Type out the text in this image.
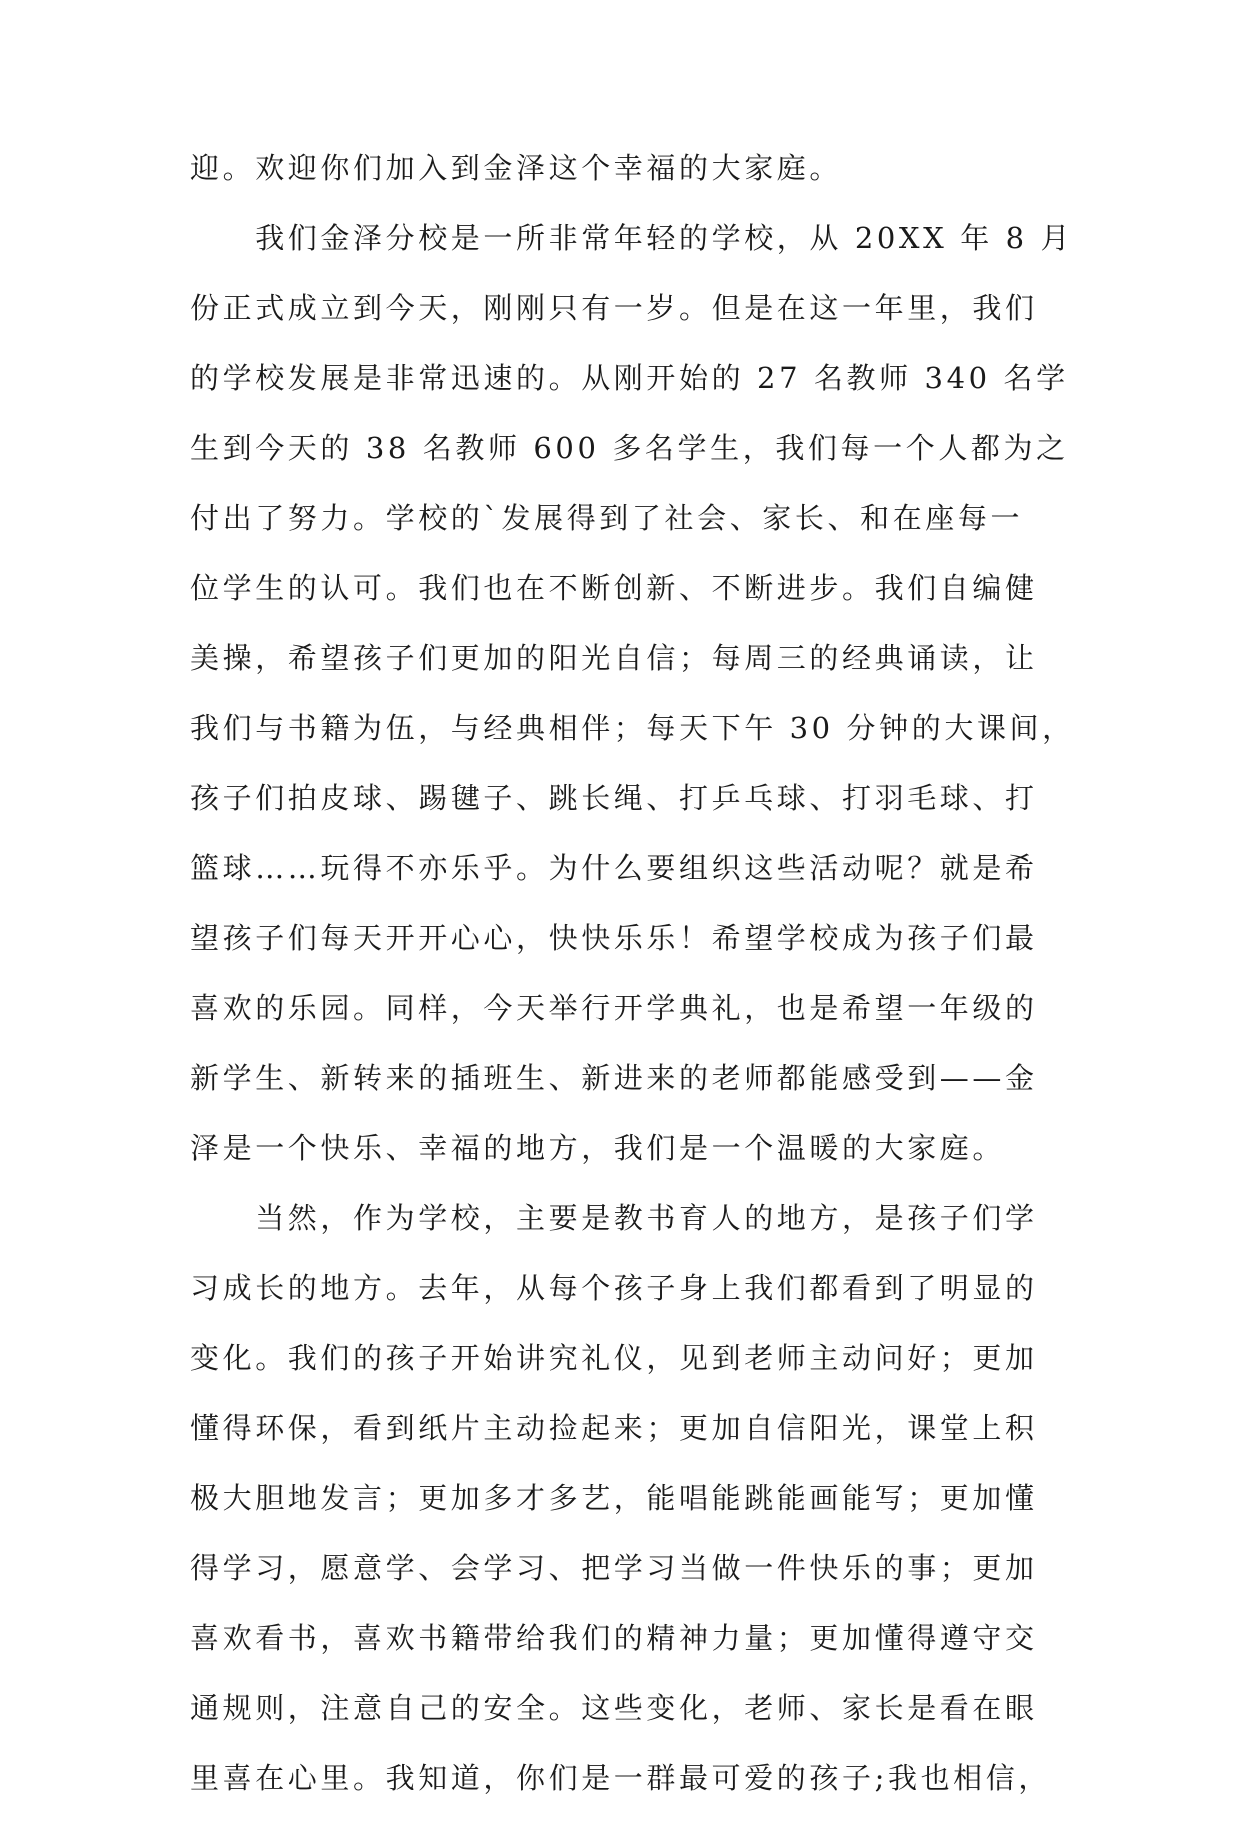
迎。欢迎你们加入到金泽这个幸福的大家庭。
　　我们金泽分校是一所非常年轻的学校，从 20XX 年 8 月
份正式成立到今天，刚刚只有一岁。但是在这一年里，我们
的学校发展是非常迅速的。从刚开始的 27 名教师 340 名学
生到今天的 38 名教师 600 多名学生，我们每一个人都为之
付出了努力。学校的`发展得到了社会、家长、和在座每一
位学生的认可。我们也在不断创新、不断进步。我们自编健
美操，希望孩子们更加的阳光自信；每周三的经典诵读，让
我们与书籍为伍，与经典相伴；每天下午 30 分钟的大课间，
孩子们拍皮球、踢毽子、跳长绳、打乒乓球、打羽毛球、打
篮球……玩得不亦乐乎。为什么要组织这些活动呢？就是希
望孩子们每天开开心心，快快乐乐！希望学校成为孩子们最
喜欢的乐园。同样，今天举行开学典礼，也是希望一年级的
新学生、新转来的插班生、新进来的老师都能感受到——金
泽是一个快乐、幸福的地方，我们是一个温暖的大家庭。
　　当然，作为学校，主要是教书育人的地方，是孩子们学
习成长的地方。去年，从每个孩子身上我们都看到了明显的
变化。我们的孩子开始讲究礼仪，见到老师主动问好；更加
懂得环保，看到纸片主动捡起来；更加自信阳光，课堂上积
极大胆地发言；更加多才多艺，能唱能跳能画能写；更加懂
得学习，愿意学、会学习、把学习当做一件快乐的事；更加
喜欢看书，喜欢书籍带给我们的精神力量；更加懂得遵守交
通规则，注意自己的安全。这些变化，老师、家长是看在眼
里喜在心里。我知道，你们是一群最可爱的孩子;我也相信，
